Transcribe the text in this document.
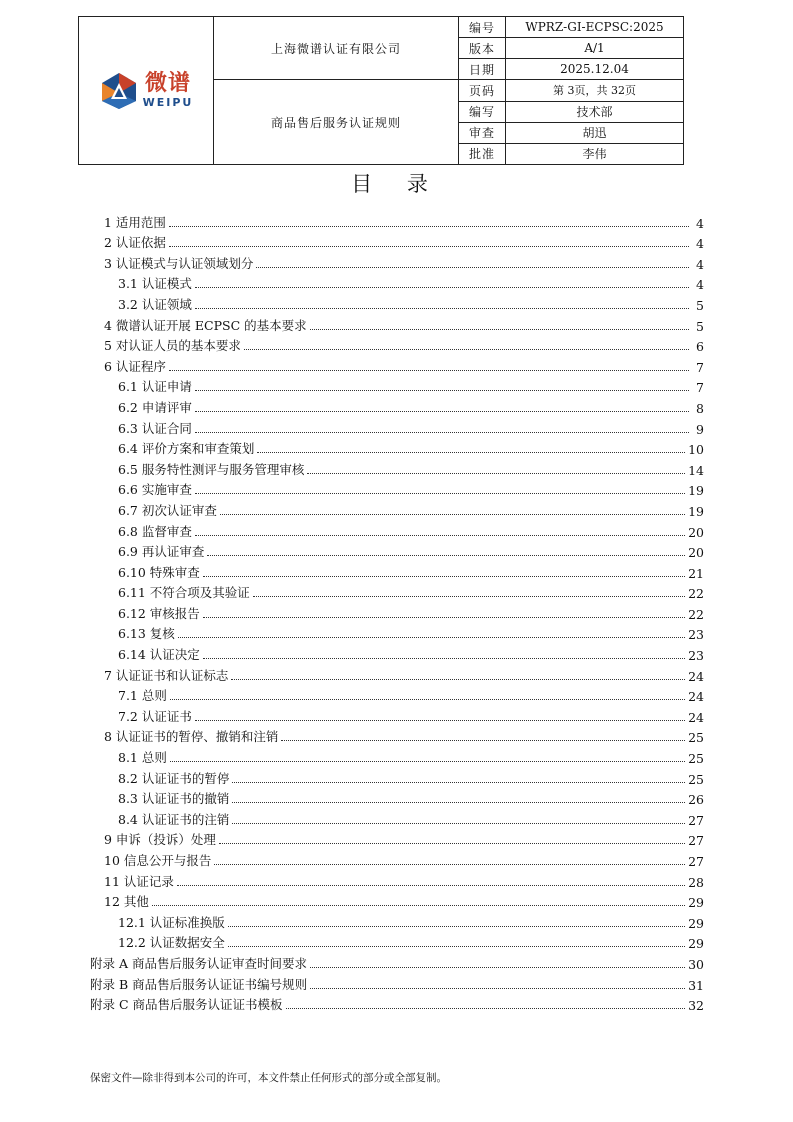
微谱
WEIPU	上海微谱认证有限公司	编号	WPRZ-GI-ECPSC:2025
		版本	A/1
		日期	2025.12.04
	商品售后服务认证规则	页码	第 3页，共 32页
		编写	技术部
		审查	胡迅
		批准	李伟
目 录
1 适用范围	4
2 认证依据	4
3 认证模式与认证领域划分	4
3.1 认证模式	4
3.2 认证领域	5
4 微谱认证开展 ECPSC 的基本要求	5
5 对认证人员的基本要求	6
6 认证程序	7
6.1 认证申请	7
6.2 申请评审	8
6.3 认证合同	9
6.4 评价方案和审查策划	10
6.5 服务特性测评与服务管理审核	14
6.6 实施审查	19
6.7 初次认证审查	19
6.8 监督审查	20
6.9 再认证审查	20
6.10 特殊审查	21
6.11 不符合项及其验证	22
6.12 审核报告	22
6.13 复核	23
6.14 认证决定	23
7 认证证书和认证标志	24
7.1 总则	24
7.2 认证证书	24
8 认证证书的暂停、撤销和注销	25
8.1 总则	25
8.2 认证证书的暂停	25
8.3 认证证书的撤销	26
8.4 认证证书的注销	27
9 申诉（投诉）处理	27
10 信息公开与报告	27
11 认证记录	28
12 其他	29
12.1 认证标准换版	29
12.2 认证数据安全	29
附录 A 商品售后服务认证审查时间要求	30
附录 B 商品售后服务认证证书编号规则	31
附录 C 商品售后服务认证证书模板	32
保密文件—除非得到本公司的许可，本文件禁止任何形式的部分或全部复制。
